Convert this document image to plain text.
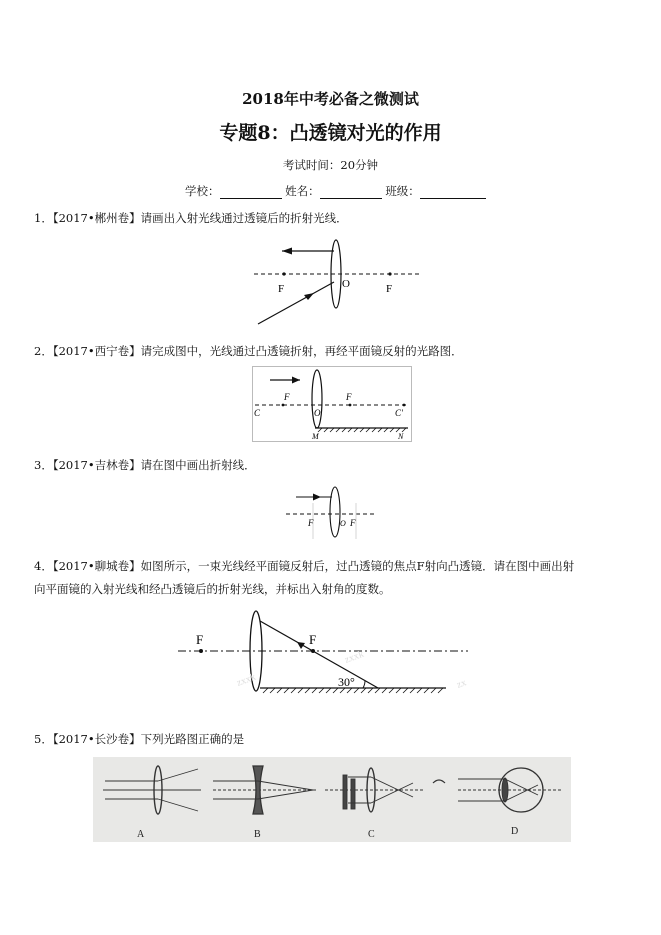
2018年中考必备之微测试
专题8：凸透镜对光的作用
考试时间：20分钟
学校：	姓名：	班级：
1．【2017•郴州卷】请画出入射光线通过透镜后的折射光线．
F	O	F
2．【2017•西宁卷】请完成图中，光线通过凸透镜折射，再经平面镜反射的光路图．
C
F
O
F
C'
M	N
3．【2017•吉林卷】请在图中画出折射线．
F	O F
4．【2017•聊城卷】如图所示，一束光线经平面镜反射后，过凸透镜的焦点F射向凸透镜．请在图中画出射
向平面镜的入射光线和经凸透镜后的折射光线，并标出入射角的度数。
F	F
30°
zxxk
zxxk
zx
5．【2017•长沙卷】下列光路图正确的是
A	B	C	D
